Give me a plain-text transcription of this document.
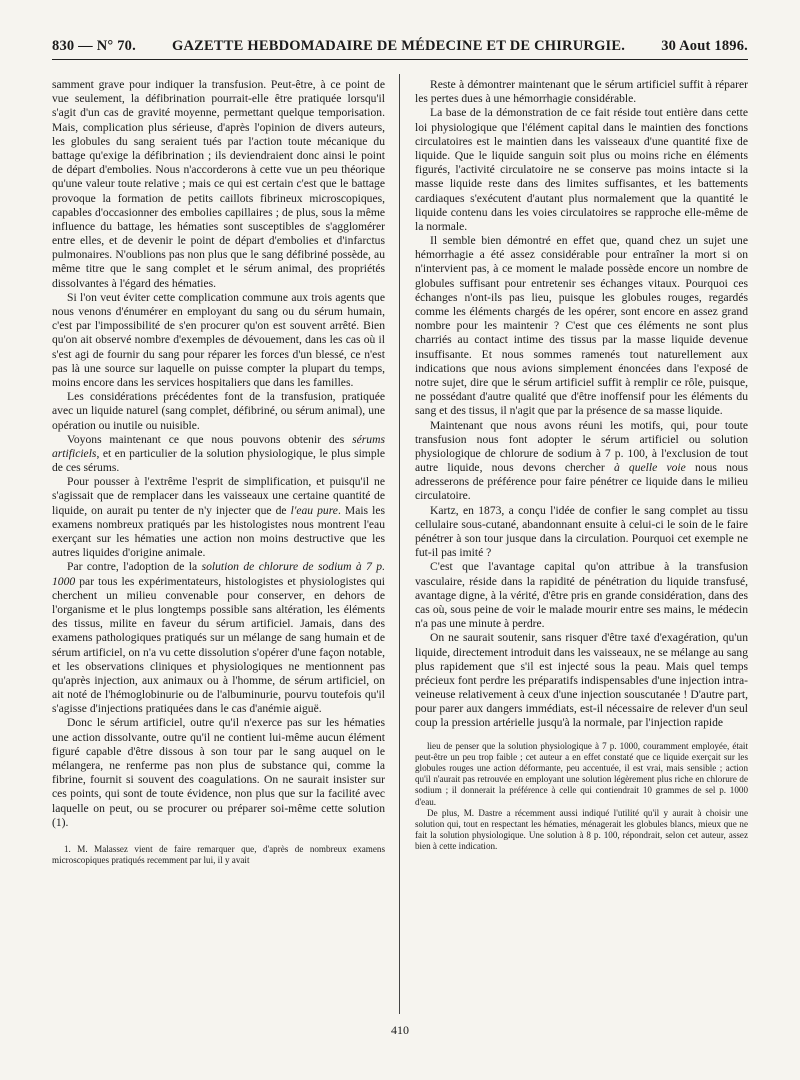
830 — N° 70. GAZETTE HEBDOMADAIRE DE MÉDECINE ET DE CHIRURGIE. 30 Aout 1896.

samment grave pour indiquer la transfusion. Peut-être, à ce point de vue seulement, la défibrination pourrait-elle être pratiquée lorsqu'il s'agit d'un cas de gravité moyenne, permettant quelque temporisation. Mais, complication plus sérieuse, d'après l'opinion de divers auteurs, les globules du sang seraient tués par l'action toute mécanique du battage qu'exige la défibrination ; ils deviendraient donc ainsi le point de départ d'embolies. Nous n'accorderons à cette vue un peu théorique qu'une valeur toute relative ; mais ce qui est certain c'est que le battage provoque la formation de petits caillots fibrineux microscopiques, capables d'occasionner des embolies capillaires ; de plus, sous la même influence du battage, les hématies sont susceptibles de s'agglomérer entre elles, et de devenir le point de départ d'embolies et d'infarctus pulmonaires. N'oublions pas non plus que le sang défibriné possède, au même titre que le sang complet et le sérum animal, des propriétés dissolvantes à l'égard des hématies.

Si l'on veut éviter cette complication commune aux trois agents que nous venons d'énumérer en employant du sang ou du sérum humain, c'est par l'impossibilité de s'en procurer qu'on est souvent arrêté. Bien qu'on ait observé nombre d'exemples de dévouement, dans les cas où il s'est agi de fournir du sang pour réparer les forces d'un blessé, ce n'est pas là une source sur laquelle on puisse compter la plupart du temps, moins encore dans les services hospitaliers que dans les familles.

Les considérations précédentes font de la transfusion, pratiquée avec un liquide naturel (sang complet, défibriné, ou sérum animal), une opération ou inutile ou nuisible.

Voyons maintenant ce que nous pouvons obtenir des sérums artificiels, et en particulier de la solution physiologique, le plus simple de ces sérums.

Pour pousser à l'extrême l'esprit de simplification, et puisqu'il ne s'agissait que de remplacer dans les vaisseaux une certaine quantité de liquide, on aurait pu tenter de n'y injecter que de l'eau pure. Mais les examens nombreux pratiqués par les histologistes nous montrent l'eau exerçant sur les hématies une action non moins destructive que les autres liquides d'origine animale.

Par contre, l'adoption de la solution de chlorure de sodium à 7 p. 1000 par tous les expérimentateurs, histologistes et physiologistes qui cherchent un milieu convenable pour conserver, en dehors de l'organisme et le plus longtemps possible sans altération, les éléments des tissus, milite en faveur du sérum artificiel. Jamais, dans des examens pathologiques pratiqués sur un mélange de sang humain et de sérum artificiel, on n'a vu cette dissolution s'opérer d'une façon notable, et les observations cliniques et physiologiques ne mentionnent pas qu'après injection, aux animaux ou à l'homme, de sérum artificiel, on ait noté de l'hémoglobinurie ou de l'albuminurie, pourvu toutefois qu'il s'agisse d'injections pratiquées dans le cas d'anémie aiguë.

Donc le sérum artificiel, outre qu'il n'exerce pas sur les hématies une action dissolvante, outre qu'il ne contient lui-même aucun élément figuré capable d'être dissous à son tour par le sang auquel on le mélangera, ne renferme pas non plus de substance qui, comme la fibrine, fournit si souvent des coagulations. On ne saurait insister sur ces points, qui sont de toute évidence, non plus que sur la facilité avec laquelle on peut, ou se procurer ou préparer soi-même cette solution (1).

1. M. Malassez vient de faire remarquer que, d'après de nombreux examens microscopiques pratiqués recemment par lui, il y avait

Reste à démontrer maintenant que le sérum artificiel suffit à réparer les pertes dues à une hémorrhagie considérable.

La base de la démonstration de ce fait réside tout entière dans cette loi physiologique que l'élément capital dans le maintien des fonctions circulatoires est le maintien dans les vaisseaux d'une quantité fixe de liquide. Que le liquide sanguin soit plus ou moins riche en éléments figurés, l'activité circulatoire ne se conserve pas moins intacte si la masse liquide reste dans des limites suffisantes, et les battements cardiaques s'exécutent d'autant plus normalement que la quantité le liquide contenu dans les voies circulatoires se rapproche elle-même de la normale.

Il semble bien démontré en effet que, quand chez un sujet une hémorrhagie a été assez considérable pour entraîner la mort si on n'intervient pas, à ce moment le malade possède encore un nombre de globules suffisant pour entretenir ses échanges vitaux. Pourquoi ces échanges n'ont-ils pas lieu, puisque les globules rouges, regardés comme les éléments chargés de les opérer, sont encore en assez grand nombre pour les maintenir ? C'est que ces éléments ne sont plus charriés au contact intime des tissus par la masse liquide devenue insuffisante. Et nous sommes ramenés tout naturellement aux indications que nous avions simplement énoncées dans l'exposé de notre sujet, dire que le sérum artificiel suffit à remplir ce rôle, puisque, ne possédant d'autre qualité que d'être inoffensif pour les éléments du sang et des tissus, il n'agit que par la présence de sa masse liquide.

Maintenant que nous avons réuni les motifs, qui, pour toute transfusion nous font adopter le sérum artificiel ou solution physiologique de chlorure de sodium à 7 p. 100, à l'exclusion de tout autre liquide, nous devons chercher à quelle voie nous nous adresserons de préférence pour faire pénétrer ce liquide dans le milieu circulatoire.

Kartz, en 1873, a conçu l'idée de confier le sang complet au tissu cellulaire sous-cutané, abandonnant ensuite à celui-ci le soin de le faire pénétrer à son tour jusque dans la circulation. Pourquoi cet exemple ne fut-il pas imité ?

C'est que l'avantage capital qu'on attribue à la transfusion vasculaire, réside dans la rapidité de pénétration du liquide transfusé, avantage digne, à la vérité, d'être pris en grande considération, dans des cas où, sous peine de voir le malade mourir entre ses mains, le médecin n'a pas une minute à perdre.

On ne saurait soutenir, sans risquer d'être taxé d'exagération, qu'un liquide, directement introduit dans les vaisseaux, ne se mélange au sang plus rapidement que s'il est injecté sous la peau. Mais quel temps précieux font perdre les préparatifs indispensables d'une injection intra-veineuse relativement à ceux d'une injection souscutanée ! D'autre part, pour parer aux dangers immédiats, est-il nécessaire de relever d'un seul coup la pression artérielle jusqu'à la normale, par l'injection rapide

lieu de penser que la solution physiologique à 7 p. 1000, couramment employée, était peut-être un peu trop faible ; cet auteur a en effet constaté que ce liquide exerçait sur les globules rouges une action déformante, peu accentuée, il est vrai, mais sensible ; action qu'il n'aurait pas retrouvée en employant une solution légèrement plus riche en chlorure de sodium ; il donnerait la préférence à celle qui contiendrait 10 grammes de sel p. 1000 d'eau.

De plus, M. Dastre a récemment aussi indiqué l'utilité qu'il y aurait à choisir une solution qui, tout en respectant les hématies, ménagerait les globules blancs, mieux que ne fait la solution physiologique. Une solution à 8 p. 100, répondrait, selon cet auteur, assez bien à cette indication.

410
